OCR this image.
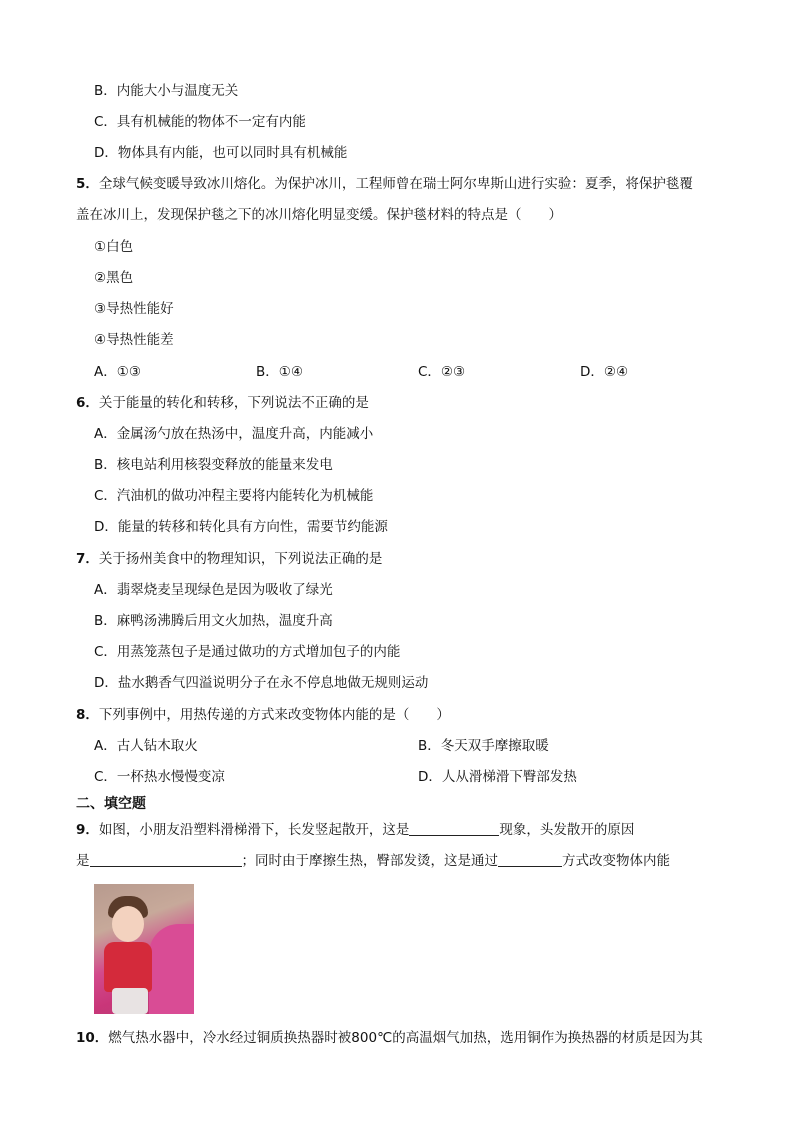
B．内能大小与温度无关
C．具有机械能的物体不一定有内能
D．物体具有内能，也可以同时具有机械能
5．全球气候变暖导致冰川熔化。为保护冰川，工程师曾在瑞士阿尔卑斯山进行实验：夏季，将保护毯覆
盖在冰川上，发现保护毯之下的冰川熔化明显变缓。保护毯材料的特点是（　　）
①白色
②黑色
③导热性能好
④导热性能差
A．①③	B．①④	C．②③	D．②④
6．关于能量的转化和转移，下列说法不正确的是
A．金属汤勺放在热汤中，温度升高，内能减小
B．核电站利用核裂变释放的能量来发电
C．汽油机的做功冲程主要将内能转化为机械能
D．能量的转移和转化具有方向性，需要节约能源
7．关于扬州美食中的物理知识，下列说法正确的是
A．翡翠烧麦呈现绿色是因为吸收了绿光
B．麻鸭汤沸腾后用文火加热，温度升高
C．用蒸笼蒸包子是通过做功的方式增加包子的内能
D．盐水鹅香气四溢说明分子在永不停息地做无规则运动
8．下列事例中，用热传递的方式来改变物体内能的是（　　）
A．古人钻木取火	B．冬天双手摩擦取暖
C．一杯热水慢慢变凉	D．人从滑梯滑下臀部发热
二、填空题
9．如图，小朋友沿塑料滑梯滑下，长发竖起散开，这是	现象，头发散开的原因
是	；同时由于摩擦生热，臀部发烫，这是通过	方式改变物体内能
10．燃气热水器中，冷水经过铜质换热器时被800℃的高温烟气加热，选用铜作为换热器的材质是因为其
